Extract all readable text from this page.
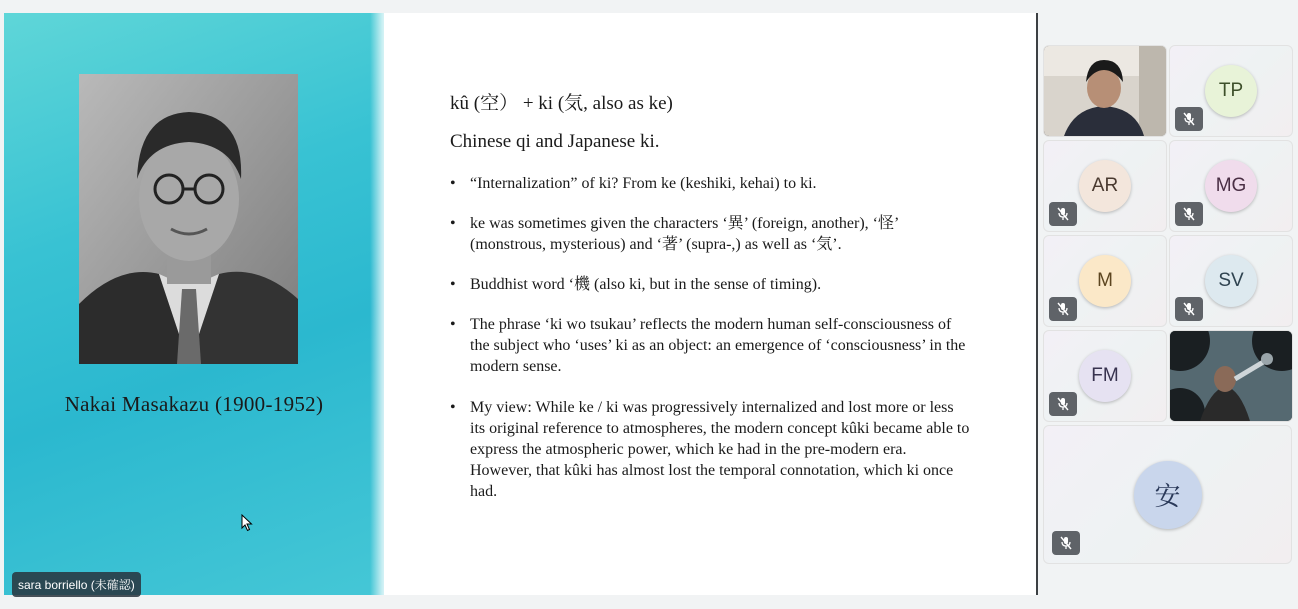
Nakai Masakazu (1900-1952)
kû (空） + ki (気, also as ke)
Chinese qi and Japanese ki.
• “Internalization” of ki? From ke (keshiki, kehai) to ki.
• ke was sometimes given the characters ‘異’ (foreign, another), ‘怪’ (monstrous, mysterious) and ‘著’ (supra-,) as well as ‘気’.
• Buddhist word ‘機 (also ki, but in the sense of timing).
• The phrase ‘ki wo tsukau’ reflects the modern human self-consciousness of the subject who ‘uses’ ki as an object: an emergence of ‘consciousness’ in the modern sense.
• My view: While ke / ki was progressively internalized and lost more or less its original reference to atmospheres, the modern concept kûki became able to express the atmospheric power, which ke had in the pre-modern era. However, that kûki has almost lost the temporal connotation, which ki once had.
sara borriello (未確認)
TP
AR	MG
M	SV
FM
安
